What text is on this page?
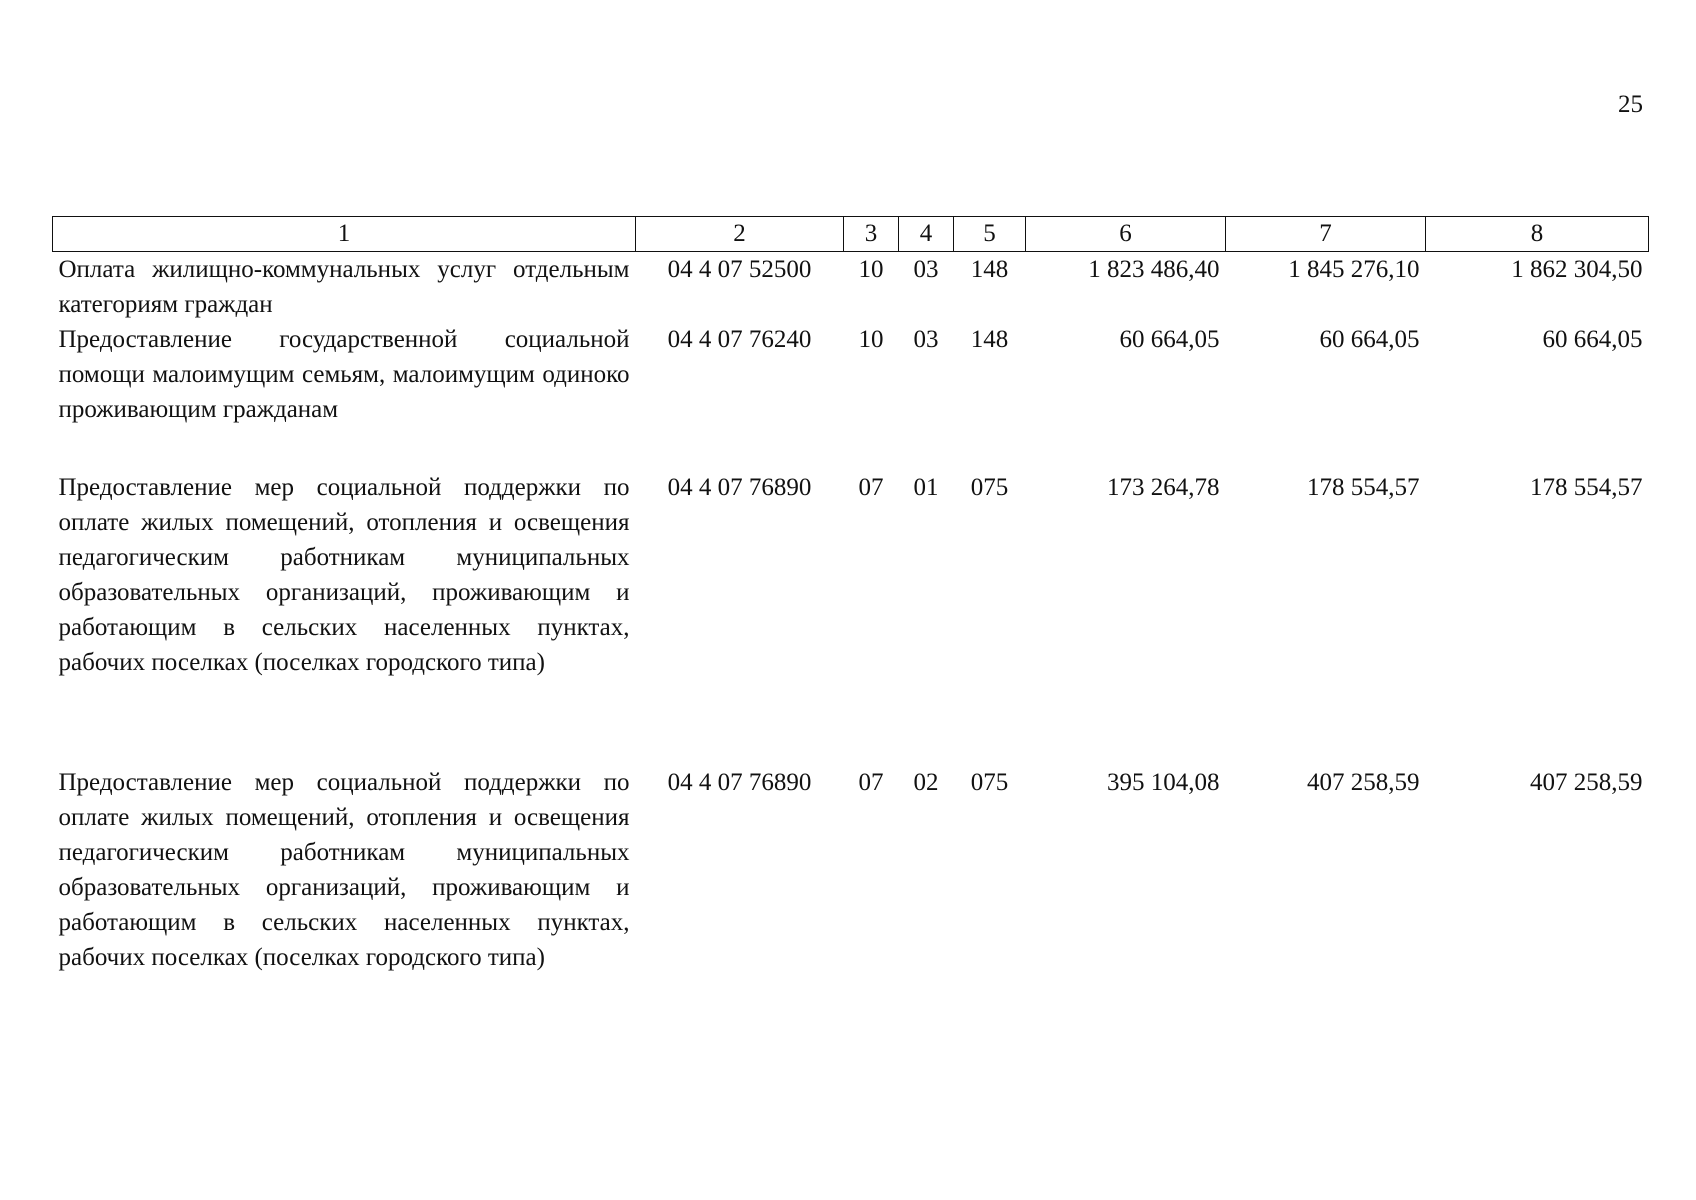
25
1	2	3	4	5	6	7	8
Оплата жилищно-коммунальных услуг отдельным категориям граждан	04 4 07 52500	10	03	148	1 823 486,40	1 845 276,10	1 862 304,50
Предоставление государственной социальной помощи малоимущим семьям, малоимущим одиноко проживающим гражданам	04 4 07 76240	10	03	148	60 664,05	60 664,05	60 664,05
Предоставление мер социальной поддержки по оплате жилых помещений, отопления и освещения педагогическим работникам муниципальных образовательных организаций, проживающим и работающим в сельских населенных пунктах, рабочих поселках (поселках городского типа)	04 4 07 76890	07	01	075	173 264,78	178 554,57	178 554,57
Предоставление мер социальной поддержки по оплате жилых помещений, отопления и освещения педагогическим работникам муниципальных образовательных организаций, проживающим и работающим в сельских населенных пунктах, рабочих поселках (поселках городского типа)	04 4 07 76890	07	02	075	395 104,08	407 258,59	407 258,59
